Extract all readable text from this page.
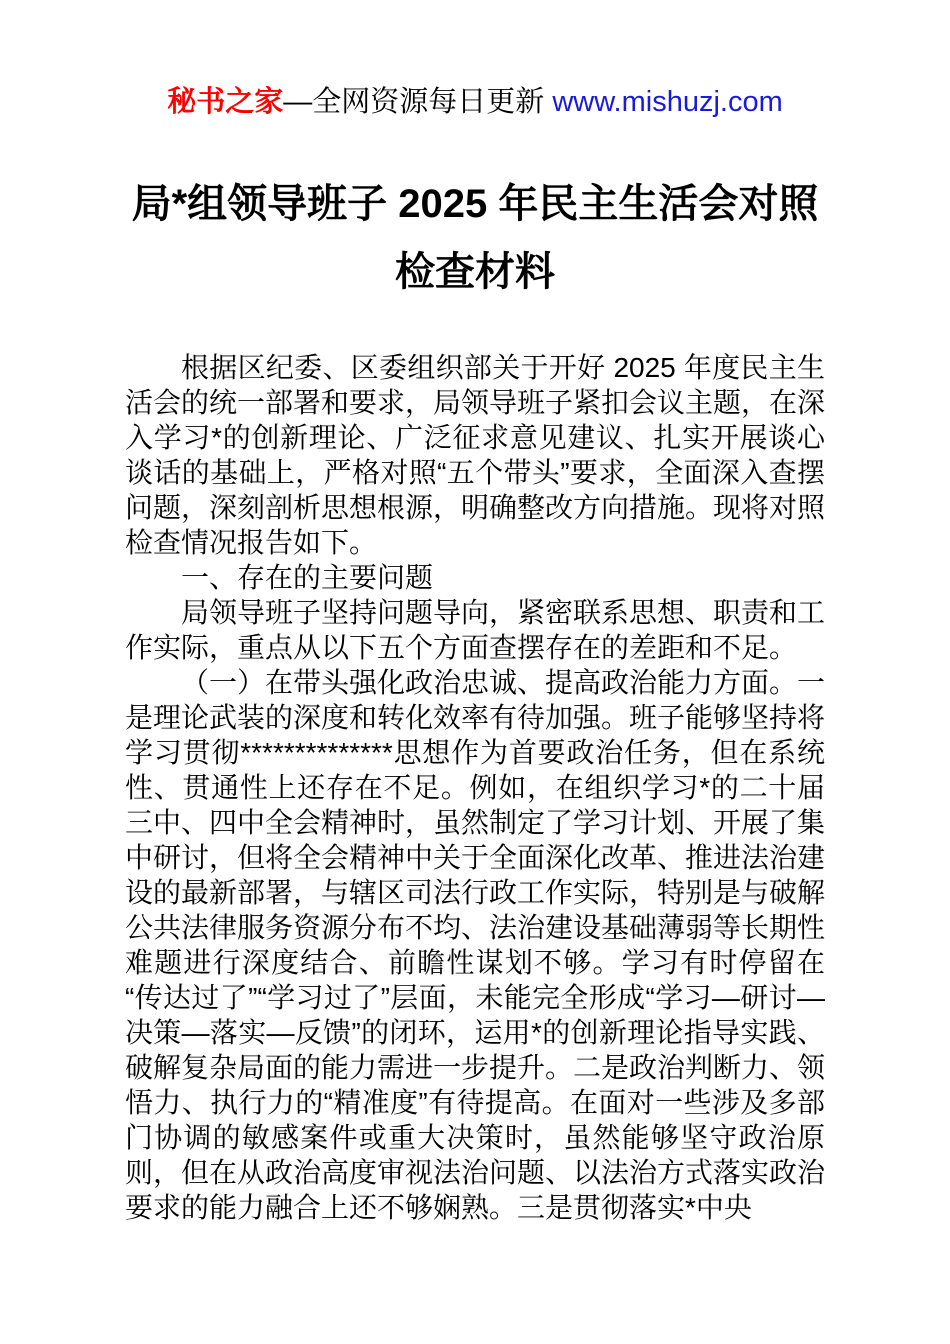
秘书之家—全网资源每日更新 www.mishuzj.com
局*组领导班子 2025 年民主生活会对照
检查材料

根据区纪委、区委组织部关于开好 2025 年度民主生活会的统一部署和要求，局领导班子紧扣会议主题，在深入学习*的创新理论、广泛征求意见建议、扎实开展谈心谈话的基础上，严格对照“五个带头”要求，全面深入查摆问题，深刻剖析思想根源，明确整改方向措施。现将对照检查情况报告如下。

一、存在的主要问题

局领导班子坚持问题导向，紧密联系思想、职责和工作实际，重点从以下五个方面查摆存在的差距和不足。

（一）在带头强化政治忠诚、提高政治能力方面。一是理论武装的深度和转化效率有待加强。班子能够坚持将学习贯彻**************思想作为首要政治任务，但在系统性、贯通性上还存在不足。例如，在组织学习*的二十届三中、四中全会精神时，虽然制定了学习计划、开展了集中研讨，但将全会精神中关于全面深化改革、推进法治建设的最新部署，与辖区司法行政工作实际，特别是与破解公共法律服务资源分布不均、法治建设基础薄弱等长期性难题进行深度结合、前瞻性谋划不够。学习有时停留在“传达过了”“学习过了”层面，未能完全形成“学习—研讨—决策—落实—反馈”的闭环，运用*的创新理论指导实践、破解复杂局面的能力需进一步提升。二是政治判断力、领悟力、执行力的“精准度”有待提高。在面对一些涉及多部门协调的敏感案件或重大决策时，虽然能够坚守政治原则，但在从政治高度审视法治问题、以法治方式落实政治要求的能力融合上还不够娴熟。三是贯彻落实*中央
